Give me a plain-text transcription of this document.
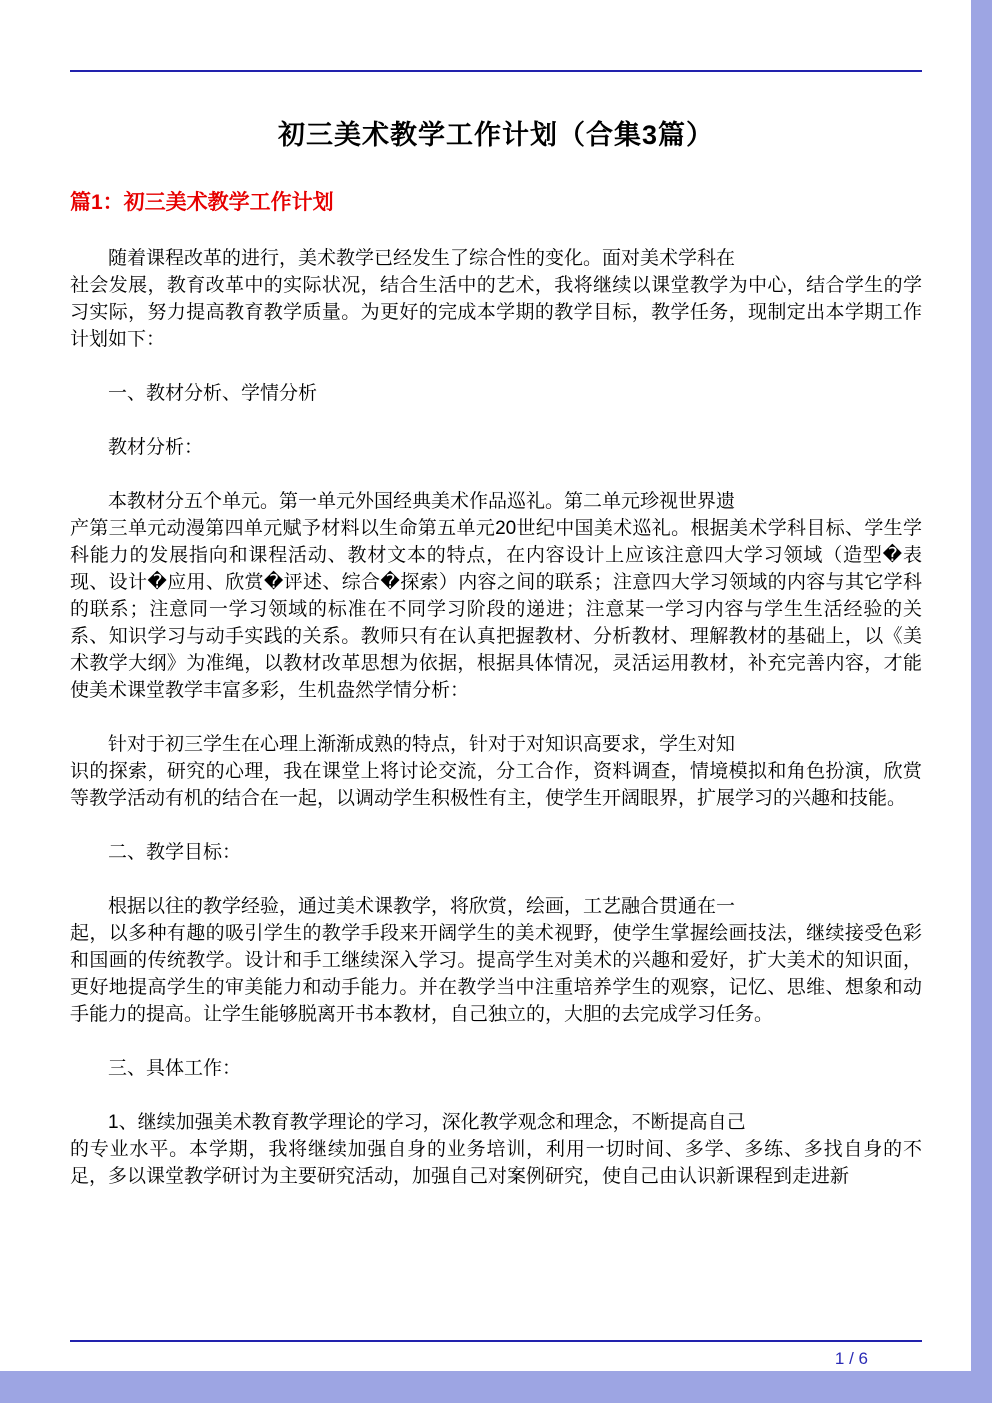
初三美术教学工作计划（合集3篇）
篇1：初三美术教学工作计划

随着课程改革的进行，美术教学已经发生了综合性的变化。面对美术学科在
社会发展，教育改革中的实际状况，结合生活中的艺术，我将继续以课堂教学为中心，结合学生的学习实际，努力提高教育教学质量。为更好的完成本学期的教学目标，教学任务，现制定出本学期工作计划如下：

一、教材分析、学情分析

教材分析：

本教材分五个单元。第一单元外国经典美术作品巡礼。第二单元珍视世界遗
产第三单元动漫第四单元赋予材料以生命第五单元20世纪中国美术巡礼。根据美术学科目标、学生学科能力的发展指向和课程活动、教材文本的特点，在内容设计上应该注意四大学习领域（造型�表现、设计�应用、欣赏�评述、综合�探索）内容之间的联系；注意四大学习领域的内容与其它学科的联系；注意同一学习领域的标准在不同学习阶段的递进；注意某一学习内容与学生生活经验的关系、知识学习与动手实践的关系。教师只有在认真把握教材、分析教材、理解教材的基础上，以《美术教学大纲》为准绳，以教材改革思想为依据，根据具体情况，灵活运用教材，补充完善内容，才能使美术课堂教学丰富多彩，生机盎然学情分析：

针对于初三学生在心理上渐渐成熟的特点，针对于对知识高要求，学生对知
识的探索，研究的心理，我在课堂上将讨论交流，分工合作，资料调查，情境模拟和角色扮演，欣赏等教学活动有机的结合在一起，以调动学生积极性有主，使学生开阔眼界，扩展学习的兴趣和技能。

二、教学目标：

根据以往的教学经验，通过美术课教学，将欣赏，绘画，工艺融合贯通在一
起，以多种有趣的吸引学生的教学手段来开阔学生的美术视野，使学生掌握绘画技法，继续接受色彩和国画的传统教学。设计和手工继续深入学习。提高学生对美术的兴趣和爱好，扩大美术的知识面，更好地提高学生的审美能力和动手能力。并在教学当中注重培养学生的观察，记忆、思维、想象和动手能力的提高。让学生能够脱离开书本教材，自己独立的，大胆的去完成学习任务。

三、具体工作：

1、继续加强美术教育教学理论的学习，深化教学观念和理念，不断提高自己
的专业水平。本学期，我将继续加强自身的业务培训，利用一切时间、多学、多练、多找自身的不足，多以课堂教学研讨为主要研究活动，加强自己对案例研究，使自己由认识新课程到走进新

1 / 6
